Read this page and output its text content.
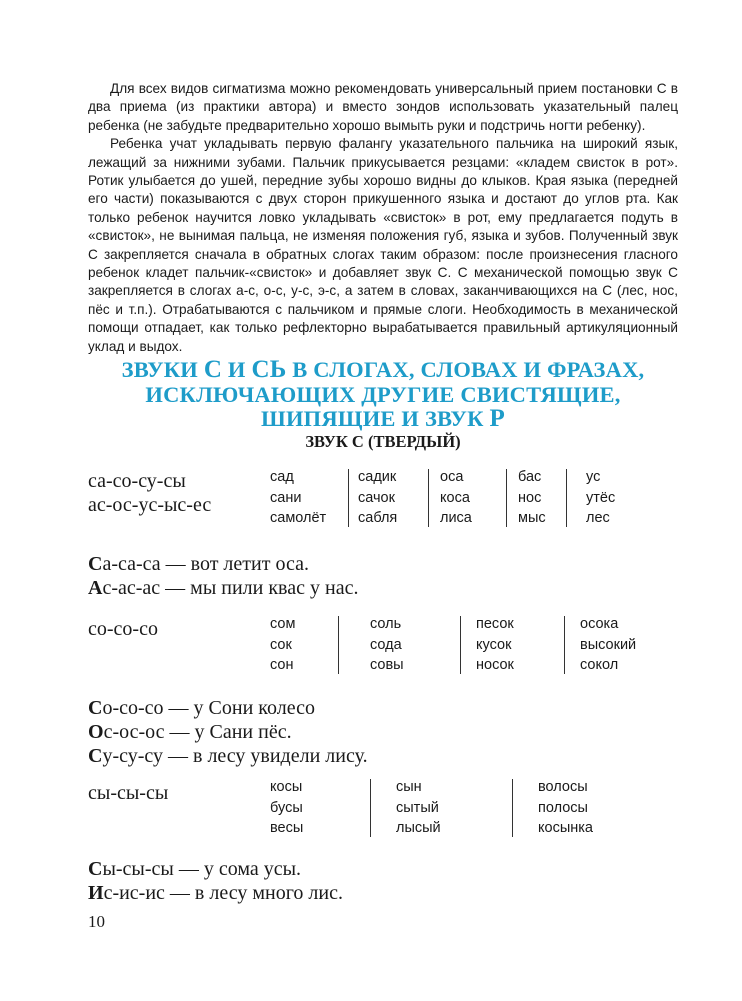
Для всех видов сигматизма можно рекомендовать универсальный прием постановки С в два приема (из практики автора) и вместо зондов использовать указательный палец ребенка (не забудьте предварительно хорошо вымыть руки и подстричь ногти ребенку).

Ребенка учат укладывать первую фалангу указательного пальчика на широкий язык, лежащий за нижними зубами. Пальчик прикусывается резцами: «кладем свисток в рот». Ротик улыбается до ушей, передние зубы хорошо видны до клыков. Края языка (передней его части) показываются с двух сторон прикушенного языка и достают до углов рта. Как только ребенок научится ловко укладывать «свисток» в рот, ему предлагается подуть в «свисток», не вынимая пальца, не изменяя положения губ, языка и зубов. Полученный звук С закрепляется сначала в обратных слогах таким образом: после произнесения гласного ребенок кладет пальчик-«свисток» и добавляет звук С. С механической помощью звук С закрепляется в слогах а-с, о-с, у-с, э-с, а затем в словах, заканчивающихся на С (лес, нос, пёс и т.п.). Отрабатываются с пальчиком и прямые слоги. Необходимость в механической помощи отпадает, как только рефлекторно вырабатывается правильный артикуляционный уклад и выдох.

ЗВУКИ С И СЬ В СЛОГАХ, СЛОВАХ И ФРАЗАХ,
ИСКЛЮЧАЮЩИХ ДРУГИЕ СВИСТЯЩИЕ,
ШИПЯЩИЕ И ЗВУК Р
ЗВУК С (ТВЕРДЫЙ)
са-со-су-сы
ас-ос-ус-ыс-ес
сад
сани
самолёт
садик
сачок
сабля
оса
коса
лиса
бас
нос
мыс
ус
утёс
лес
Са-са-са — вот летит оса.
Ас-ас-ас — мы пили квас у нас.
со-со-со	сом
сок
сон
соль
сода
совы
песок
кусок
носок
осока
высокий
сокол
Со-со-со — у Сони колесо
Ос-ос-ос — у Сани пёс.
Су-су-су — в лесу увидели лису.
сы-сы-сы	косы
бусы
весы
сын
сытый
лысый
волосы
полосы
косынка
Сы-сы-сы — у сома усы.
Ис-ис-ис — в лесу много лис.
10
